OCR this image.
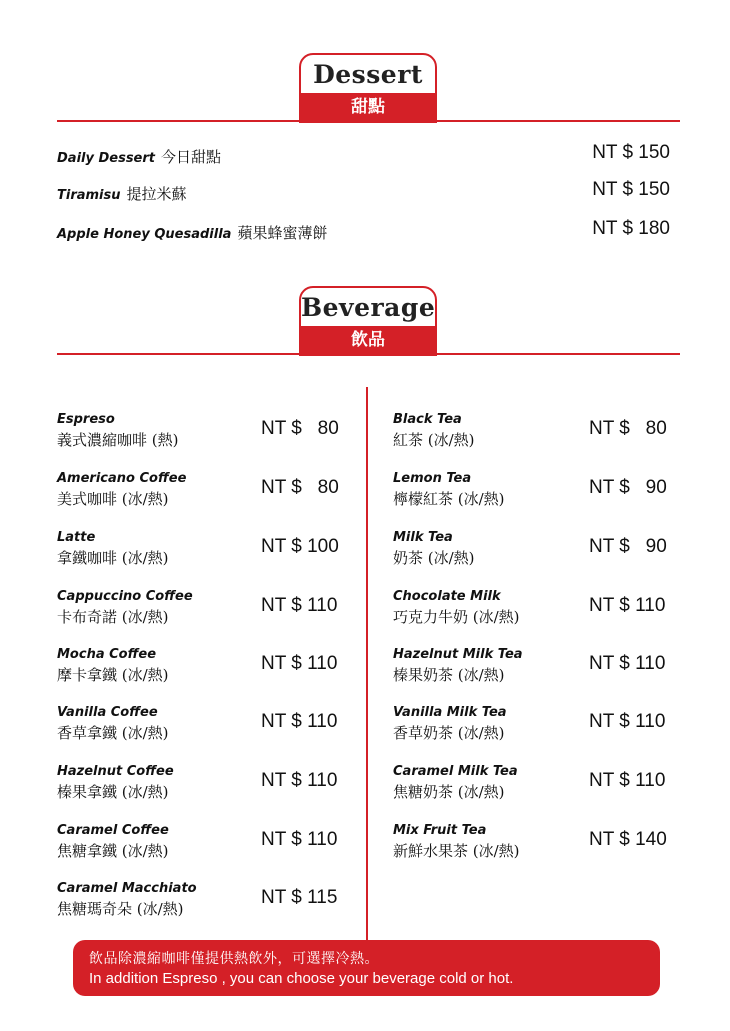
Dessert
甜點
Daily Dessert 今日甜點	NT $ 150
Tiramisu 提拉米蘇	NT $ 150
Apple Honey Quesadilla 蘋果蜂蜜薄餅	NT $ 180
Beverage
飲品
Espreso
義式濃縮咖啡 (熱)
NT $   80
Americano Coffee
美式咖啡 (冰/熱)
NT $   80
Latte
拿鐵咖啡 (冰/熱)
NT $ 100
Cappuccino Coffee
卡布奇諾 (冰/熱)
NT $ 110
Mocha Coffee
摩卡拿鐵 (冰/熱)
NT $ 110
Vanilla Coffee
香草拿鐵 (冰/熱)
NT $ 110
Hazelnut Coffee
榛果拿鐵 (冰/熱)
NT $ 110
Caramel Coffee
焦糖拿鐵 (冰/熱)
NT $ 110
Caramel Macchiato
焦糖瑪奇朵 (冰/熱)
NT $ 115
Black Tea
紅茶 (冰/熱)
NT $   80
Lemon Tea
檸檬紅茶 (冰/熱)
NT $   90
Milk Tea
奶茶 (冰/熱)
NT $   90
Chocolate Milk
巧克力牛奶 (冰/熱)
NT $ 110
Hazelnut Milk Tea
榛果奶茶 (冰/熱)
NT $ 110
Vanilla Milk Tea
香草奶茶 (冰/熱)
NT $ 110
Caramel Milk Tea
焦糖奶茶 (冰/熱)
NT $ 110
Mix Fruit Tea
新鮮水果茶 (冰/熱)
NT $ 140
飲品除濃縮咖啡僅提供熱飲外，可選擇冷熱。
In addition Espreso , you can choose your beverage cold or hot.
